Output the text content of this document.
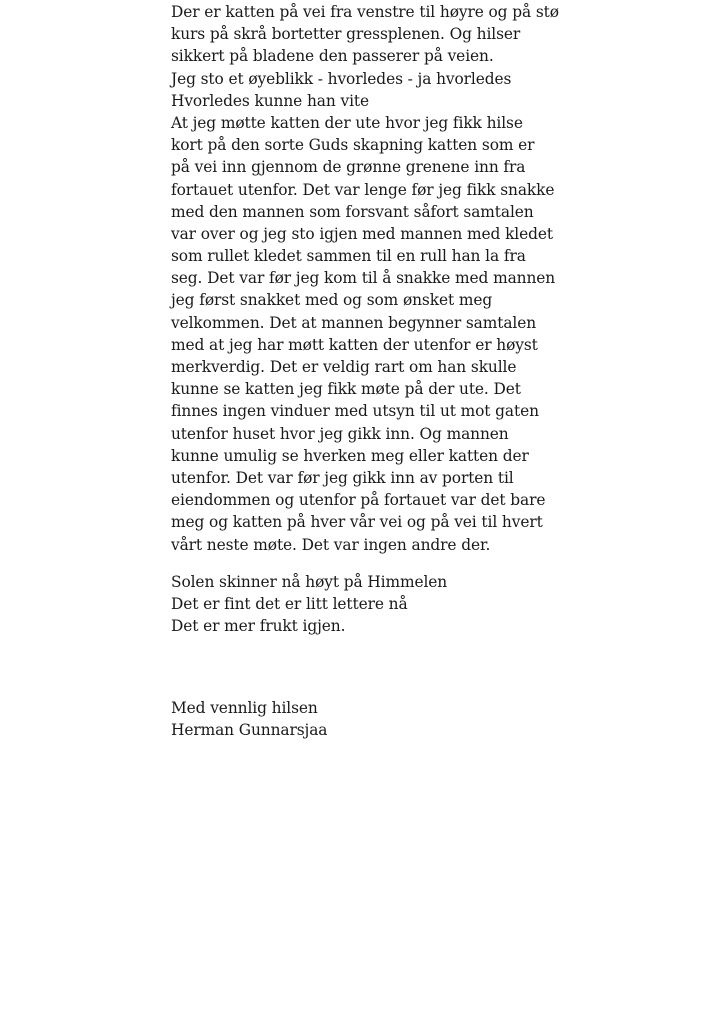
Der er katten på vei fra venstre til høyre og på stø
kurs på skrå bortetter gressplenen. Og hilser
sikkert på bladene den passerer på veien.
Jeg sto et øyeblikk - hvorledes - ja hvorledes
Hvorledes kunne han vite
At jeg møtte katten der ute hvor jeg fikk hilse
kort på den sorte Guds skapning katten som er
på vei inn gjennom de grønne grenene inn fra
fortauet utenfor. Det var lenge før jeg fikk snakke
med den mannen som forsvant såfort samtalen
var over og jeg sto igjen med mannen med kledet
som rullet kledet sammen til en rull han la fra
seg. Det var før jeg kom til å snakke med mannen
jeg først snakket med og som ønsket meg
velkommen. Det at mannen begynner samtalen
med at jeg har møtt katten der utenfor er høyst
merkverdig. Det er veldig rart om han skulle
kunne se katten jeg fikk møte på der ute. Det
finnes ingen vinduer med utsyn til ut mot gaten
utenfor huset hvor jeg gikk inn. Og mannen
kunne umulig se hverken meg eller katten der
utenfor. Det var før jeg gikk inn av porten til
eiendommen og utenfor på fortauet var det bare
meg og katten på hver vår vei og på vei til hvert
vårt neste møte. Det var ingen andre der.
Solen skinner nå høyt på Himmelen
Det er fint det er litt lettere nå
Det er mer frukt igjen.
Med vennlig hilsen
Herman Gunnarsjaa
